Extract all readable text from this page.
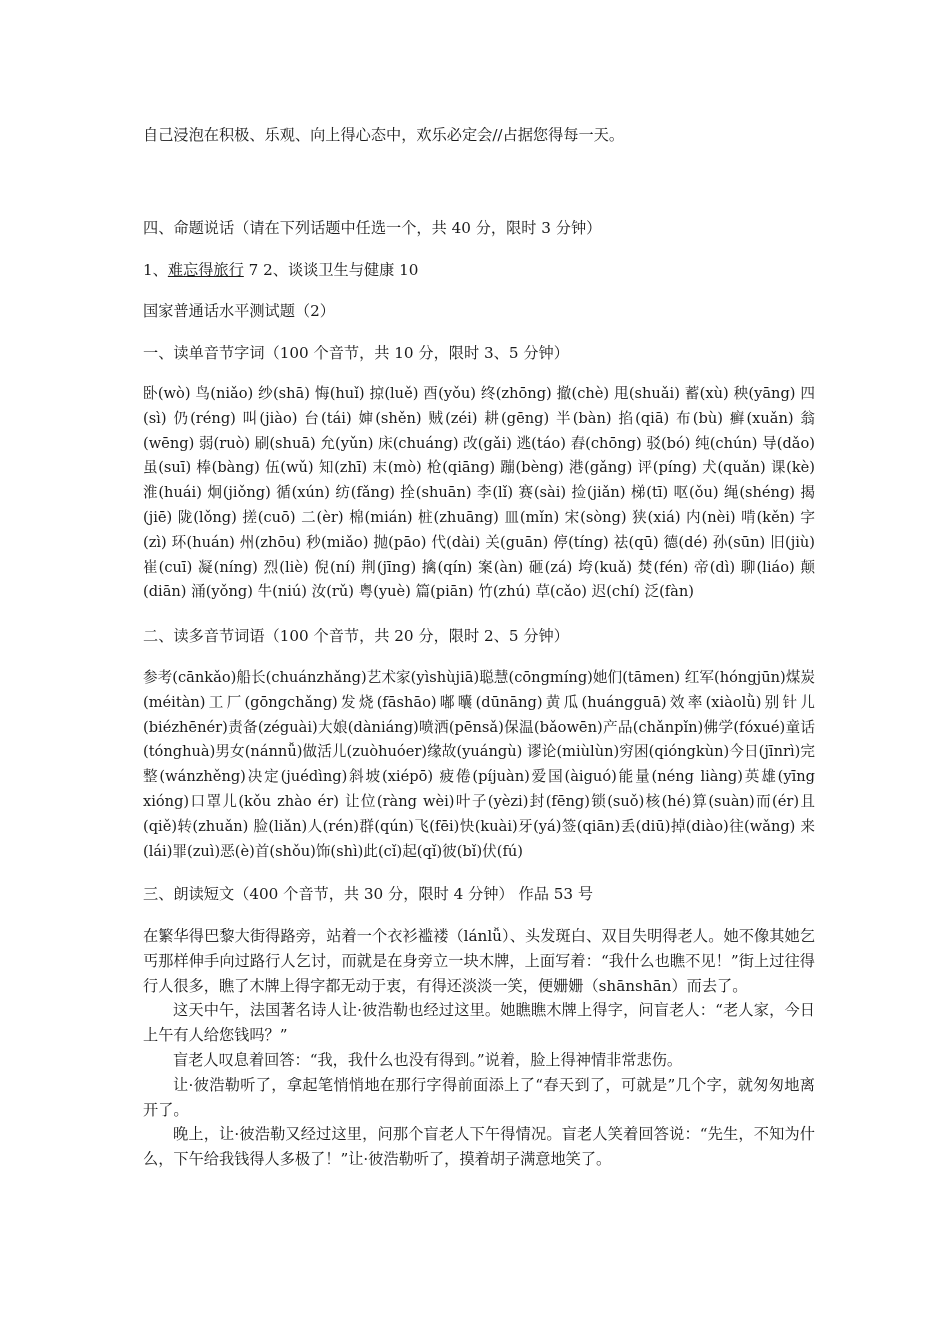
自己浸泡在积极、乐观、向上得心态中，欢乐必定会//占据您得每一天。
四、命题说话（请在下列话题中任选一个，共 40 分，限时 3 分钟）
1、难忘得旅行 7 2、谈谈卫生与健康 10
国家普通话水平测试题（2）
一、读单音节字词（100 个音节，共 10 分，限时 3、5 分钟）
卧(wò) 鸟(niǎo) 纱(shā) 悔(huǐ) 掠(luě) 酉(yǒu) 终(zhōng) 撤(chè) 甩(shuǎi) 蓄(xù) 秧(yāng) 四(sì) 仍(réng) 叫(jiào) 台(tái) 婶(shěn) 贼(zéi) 耕(gēng) 半(bàn) 掐(qiā) 布(bù) 癣(xuǎn) 翁(wēng) 弱(ruò) 刷(shuā) 允(yǔn) 床(chuáng) 改(gǎi) 逃(táo) 舂(chōng) 驳(bó) 纯(chún) 导(dǎo) 虽(suī) 棒(bàng) 伍(wǔ) 知(zhī) 末(mò) 枪(qiāng) 蹦(bèng) 港(gǎng) 评(píng) 犬(quǎn) 课(kè) 淮(huái) 炯(jiǒng) 循(xún) 纺(fǎng) 拴(shuān) 李(lǐ) 赛(sài) 捡(jiǎn) 梯(tī) 呕(ǒu) 绳(shéng) 揭(jiē) 陇(lǒng) 搓(cuō) 二(èr) 棉(mián) 桩(zhuāng) 皿(mǐn) 宋(sòng) 狭(xiá) 内(nèi) 啃(kěn) 字(zì) 环(huán) 州(zhōu) 秒(miǎo) 抛(pāo) 代(dài) 关(guān) 停(tíng) 祛(qū) 德(dé) 孙(sūn) 旧(jiù) 崔(cuī) 凝(níng) 烈(liè) 倪(ní) 荆(jīng) 擒(qín) 案(àn) 砸(zá) 垮(kuǎ) 焚(fén) 帝(dì) 聊(liáo) 颠(diān) 涌(yǒng) 牛(niú) 汝(rǔ) 粤(yuè) 篇(piān) 竹(zhú) 草(cǎo) 迟(chí) 泛(fàn)
二、读多音节词语（100 个音节，共 20 分，限时 2、5 分钟）
参考(cānkǎo)船长(chuánzhǎng)艺术家(yìshùjiā)聪慧(cōngmíng)她们(tāmen) 红军(hóngjūn)煤炭(méitàn)工厂(gōngchǎng)发烧(fāshāo)嘟囔(dūnāng)黄瓜(huángguā)效率(xiàolǜ)别针儿(biézhēnér)责备(zéguài)大娘(dàniáng)喷洒(pēnsǎ)保温(bǎowēn)产品(chǎnpǐn)佛学(fóxué)童话(tónghuà)男女(nánnǚ)做活儿(zuòhuóer)缘故(yuángù) 谬论(miùlùn)穷困(qióngkùn)今日(jīnrì)完整(wánzhěng)决定(juédìng)斜坡(xiépō) 疲倦(píjuàn)爱国(àiguó)能量(néng liàng)英雄(yīng xióng)口罩儿(kǒu zhào ér) 让位(ràng wèi)叶子(yèzi)封(fēng)锁(suǒ)核(hé)算(suàn)而(ér)且(qiě)转(zhuǎn) 脸(liǎn)人(rén)群(qún)飞(fēi)快(kuài)牙(yá)签(qiān)丢(diū)掉(diào)往(wǎng) 来(lái)罪(zuì)恶(è)首(shǒu)饰(shì)此(cǐ)起(qǐ)彼(bǐ)伏(fú)
三、朗读短文（400 个音节，共 30 分，限时 4 分钟） 作品 53 号

在繁华得巴黎大街得路旁，站着一个衣衫褴褛（lánlǚ）、头发斑白、双目失明得老人。她不像其她乞丐那样伸手向过路行人乞讨，而就是在身旁立一块木牌，上面写着：“我什么也瞧不见！”街上过往得行人很多，瞧了木牌上得字都无动于衷，有得还淡淡一笑，便姗姗（shānshān）而去了。

这天中午，法国著名诗人让·彼浩勒也经过这里。她瞧瞧木牌上得字，问盲老人：“老人家，今日上午有人给您钱吗？”

盲老人叹息着回答：“我，我什么也没有得到。”说着，脸上得神情非常悲伤。

让·彼浩勒听了，拿起笔悄悄地在那行字得前面添上了“春天到了，可就是”几个字，就匆匆地离开了。

晚上，让·彼浩勒又经过这里，问那个盲老人下午得情况。盲老人笑着回答说：“先生，不知为什么，下午给我钱得人多极了！”让·彼浩勒听了，摸着胡子满意地笑了。
